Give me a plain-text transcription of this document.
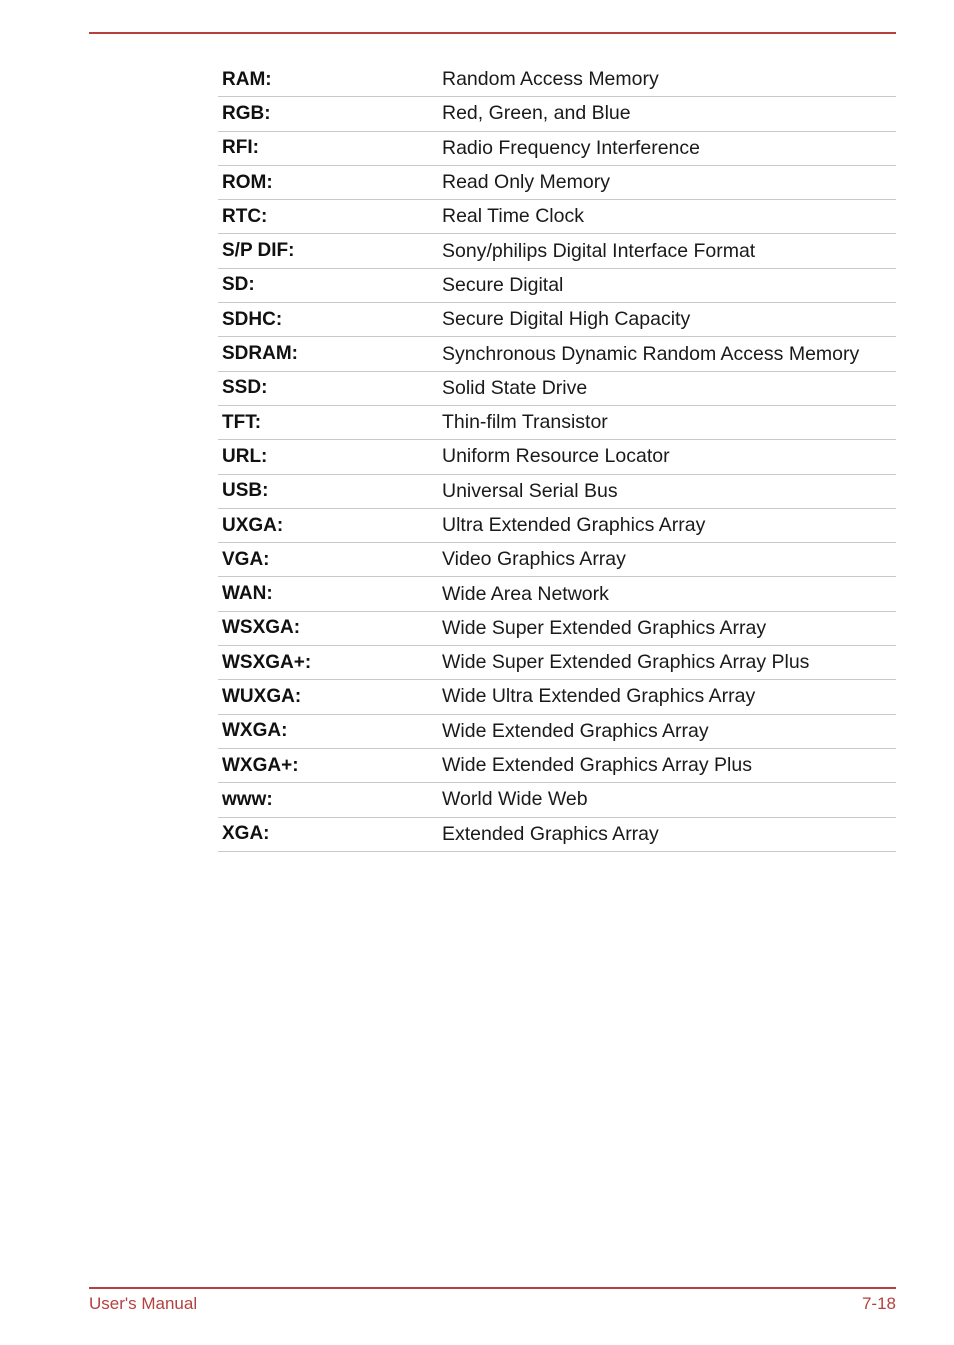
RAM:	Random Access Memory
RGB:	Red, Green, and Blue
RFI:	Radio Frequency Interference
ROM:	Read Only Memory
RTC:	Real Time Clock
S/P DIF:	Sony/philips Digital Interface Format
SD:	Secure Digital
SDHC:	Secure Digital High Capacity
SDRAM:	Synchronous Dynamic Random Access Memory
SSD:	Solid State Drive
TFT:	Thin-film Transistor
URL:	Uniform Resource Locator
USB:	Universal Serial Bus
UXGA:	Ultra Extended Graphics Array
VGA:	Video Graphics Array
WAN:	Wide Area Network
WSXGA:	Wide Super Extended Graphics Array
WSXGA+:	Wide Super Extended Graphics Array Plus
WUXGA:	Wide Ultra Extended Graphics Array
WXGA:	Wide Extended Graphics Array
WXGA+:	Wide Extended Graphics Array Plus
www:	World Wide Web
XGA:	Extended Graphics Array
User's Manual	7-18
